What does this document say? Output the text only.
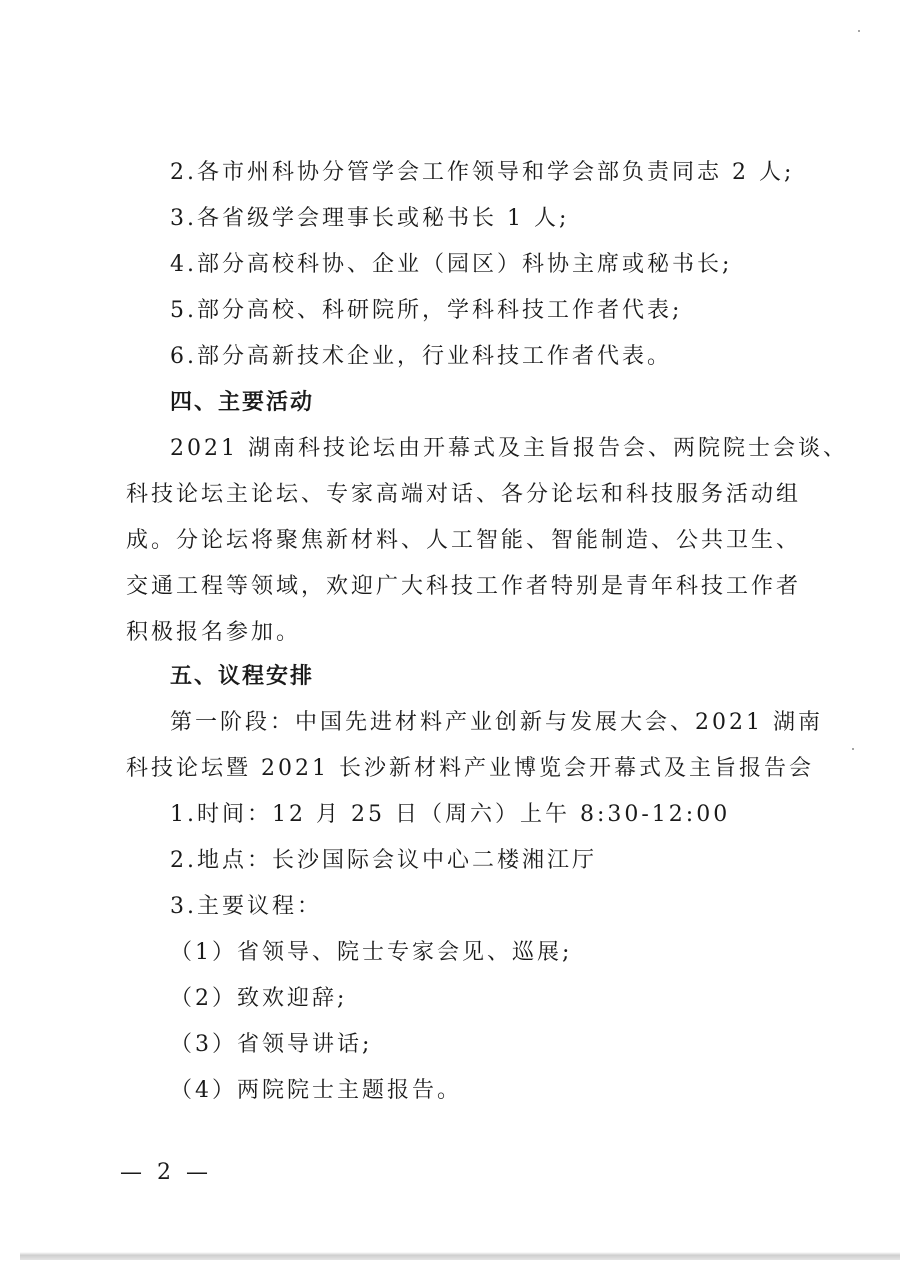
2.各市州科协分管学会工作领导和学会部负责同志 2 人;
3.各省级学会理事长或秘书长 1 人;
4.部分高校科协、企业（园区）科协主席或秘书长;
5.部分高校、科研院所，学科科技工作者代表;
6.部分高新技术企业，行业科技工作者代表。
四、主要活动
2021 湖南科技论坛由开幕式及主旨报告会、两院院士会谈、
科技论坛主论坛、专家高端对话、各分论坛和科技服务活动组
成。分论坛将聚焦新材料、人工智能、智能制造、公共卫生、
交通工程等领域，欢迎广大科技工作者特别是青年科技工作者
积极报名参加。
五、议程安排
第一阶段：中国先进材料产业创新与发展大会、2021 湖南
科技论坛暨 2021 长沙新材料产业博览会开幕式及主旨报告会
1.时间：12 月 25 日（周六）上午 8:30-12:00
2.地点：长沙国际会议中心二楼湘江厅
3.主要议程：
（1）省领导、院士专家会见、巡展;
（2）致欢迎辞;
（3）省领导讲话;
（4）两院院士主题报告。
— 2 —
